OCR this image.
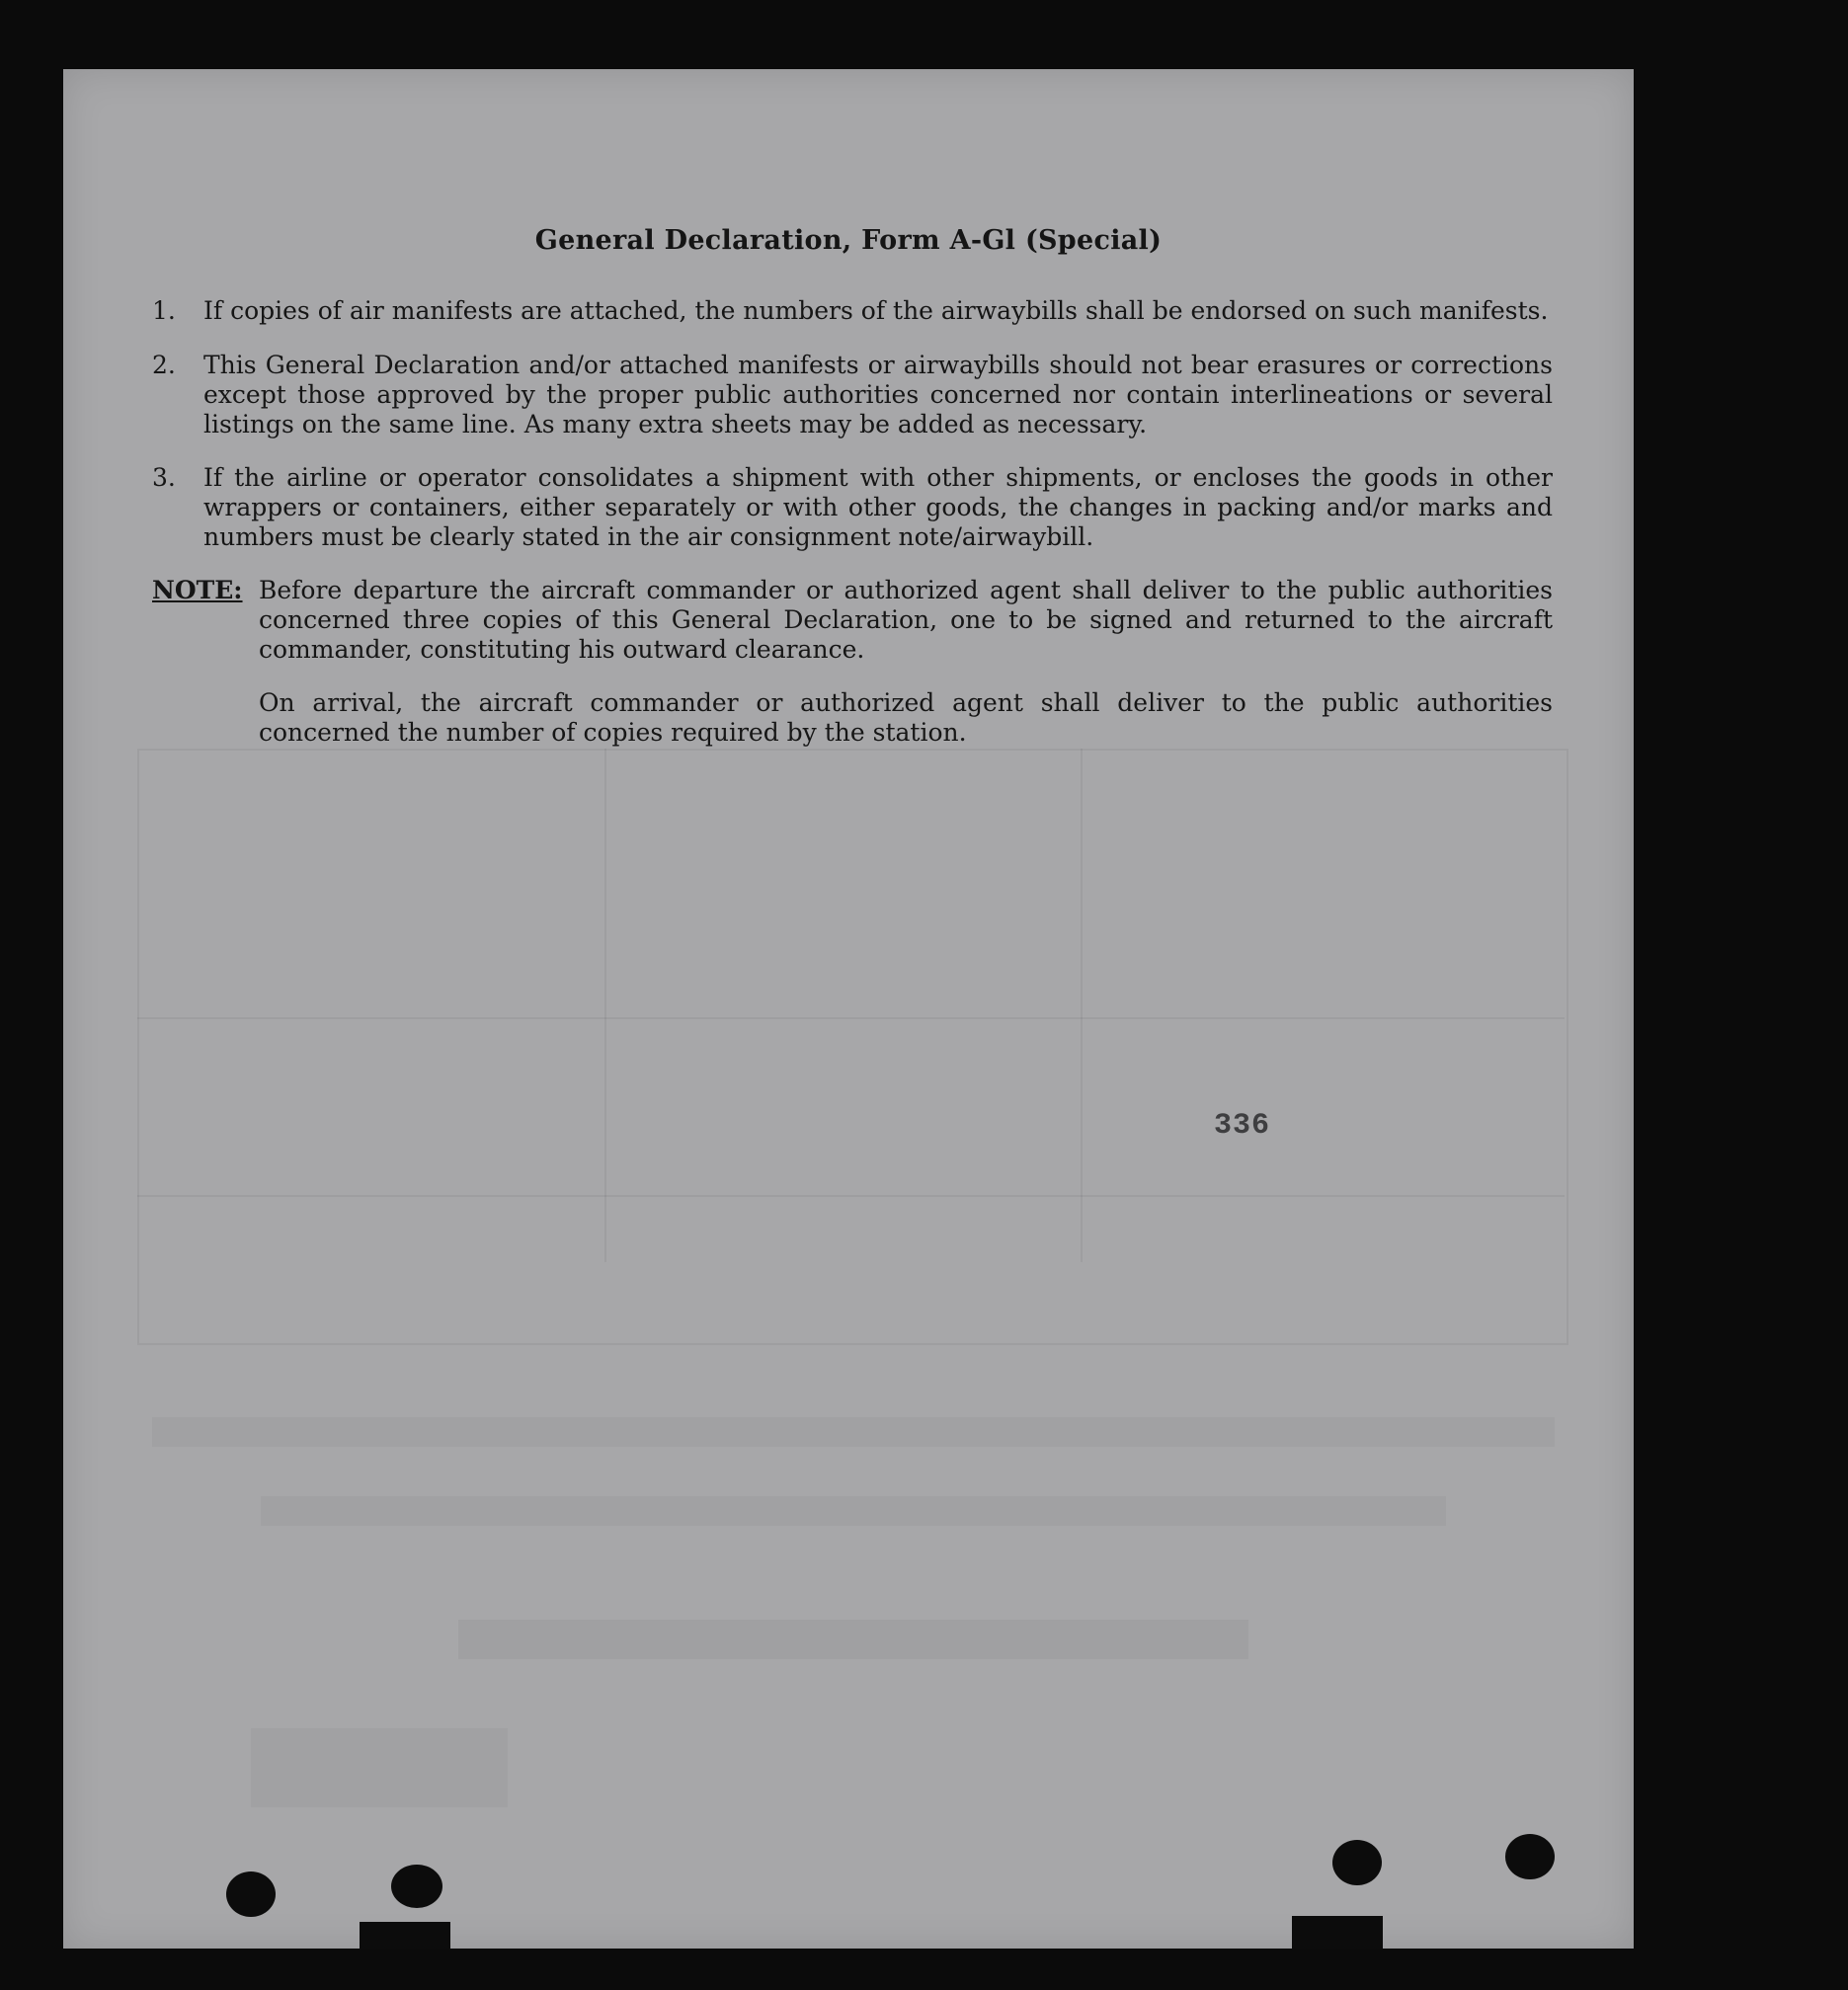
General Declaration, Form A-Gl (Special)
1.	If copies of air manifests are attached, the numbers of the airwaybills shall be endorsed on such manifests.
2.	This General Declaration and/or attached manifests or airwaybills should not bear erasures or corrections except those approved by the proper public authorities concerned nor contain interlineations or several listings on the same line. As many extra sheets may be added as necessary.
3.	If the airline or operator consolidates a shipment with other shipments, or encloses the goods in other wrappers or containers, either separately or with other goods, the changes in packing and/or marks and numbers must be clearly stated in the air consignment note/airwaybill.
NOTE: Before departure the aircraft commander or authorized agent shall deliver to the public authorities concerned three copies of this General Declaration, one to be signed and returned to the aircraft commander, constituting his outward clearance.
On arrival, the aircraft commander or authorized agent shall deliver to the public authorities concerned the number of copies required by the station.
336
